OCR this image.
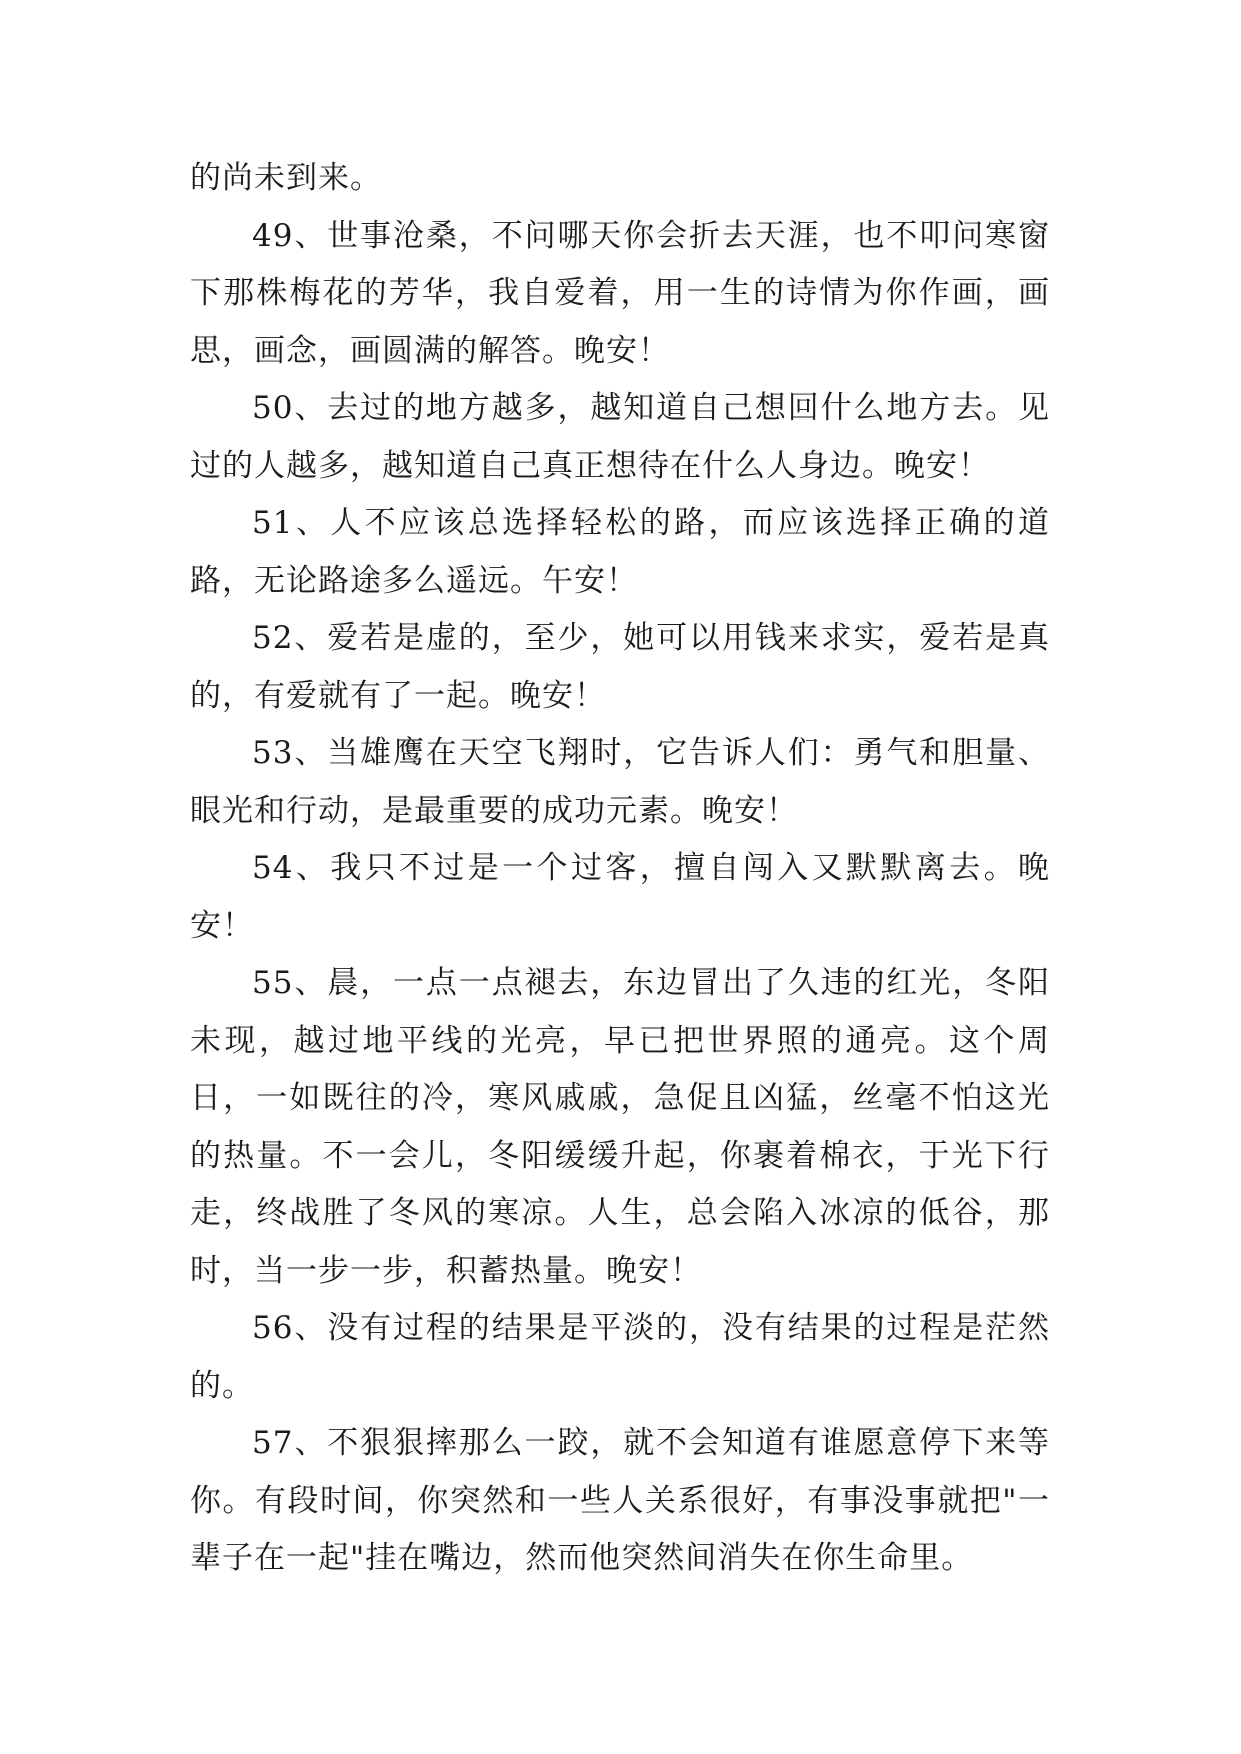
的尚未到来。

49、世事沧桑，不问哪天你会折去天涯，也不叩问寒窗下那株梅花的芳华，我自爱着，用一生的诗情为你作画，画思，画念，画圆满的解答。晚安！

50、去过的地方越多，越知道自己想回什么地方去。见过的人越多，越知道自己真正想待在什么人身边。晚安！

51、人不应该总选择轻松的路，而应该选择正确的道路，无论路途多么遥远。午安！

52、爱若是虚的，至少，她可以用钱来求实，爱若是真的，有爱就有了一起。晚安！

53、当雄鹰在天空飞翔时，它告诉人们：勇气和胆量、眼光和行动，是最重要的成功元素。晚安！

54、我只不过是一个过客，擅自闯入又默默离去。晚安！

55、晨，一点一点褪去，东边冒出了久违的红光，冬阳未现，越过地平线的光亮，早已把世界照的通亮。这个周日，一如既往的冷，寒风戚戚，急促且凶猛，丝毫不怕这光的热量。不一会儿，冬阳缓缓升起，你裹着棉衣，于光下行走，终战胜了冬风的寒凉。人生，总会陷入冰凉的低谷，那时，当一步一步，积蓄热量。晚安！

56、没有过程的结果是平淡的，没有结果的过程是茫然的。

57、不狠狠摔那么一跤，就不会知道有谁愿意停下来等你。有段时间，你突然和一些人关系很好，有事没事就把"一辈子在一起"挂在嘴边，然而他突然间消失在你生命里。
